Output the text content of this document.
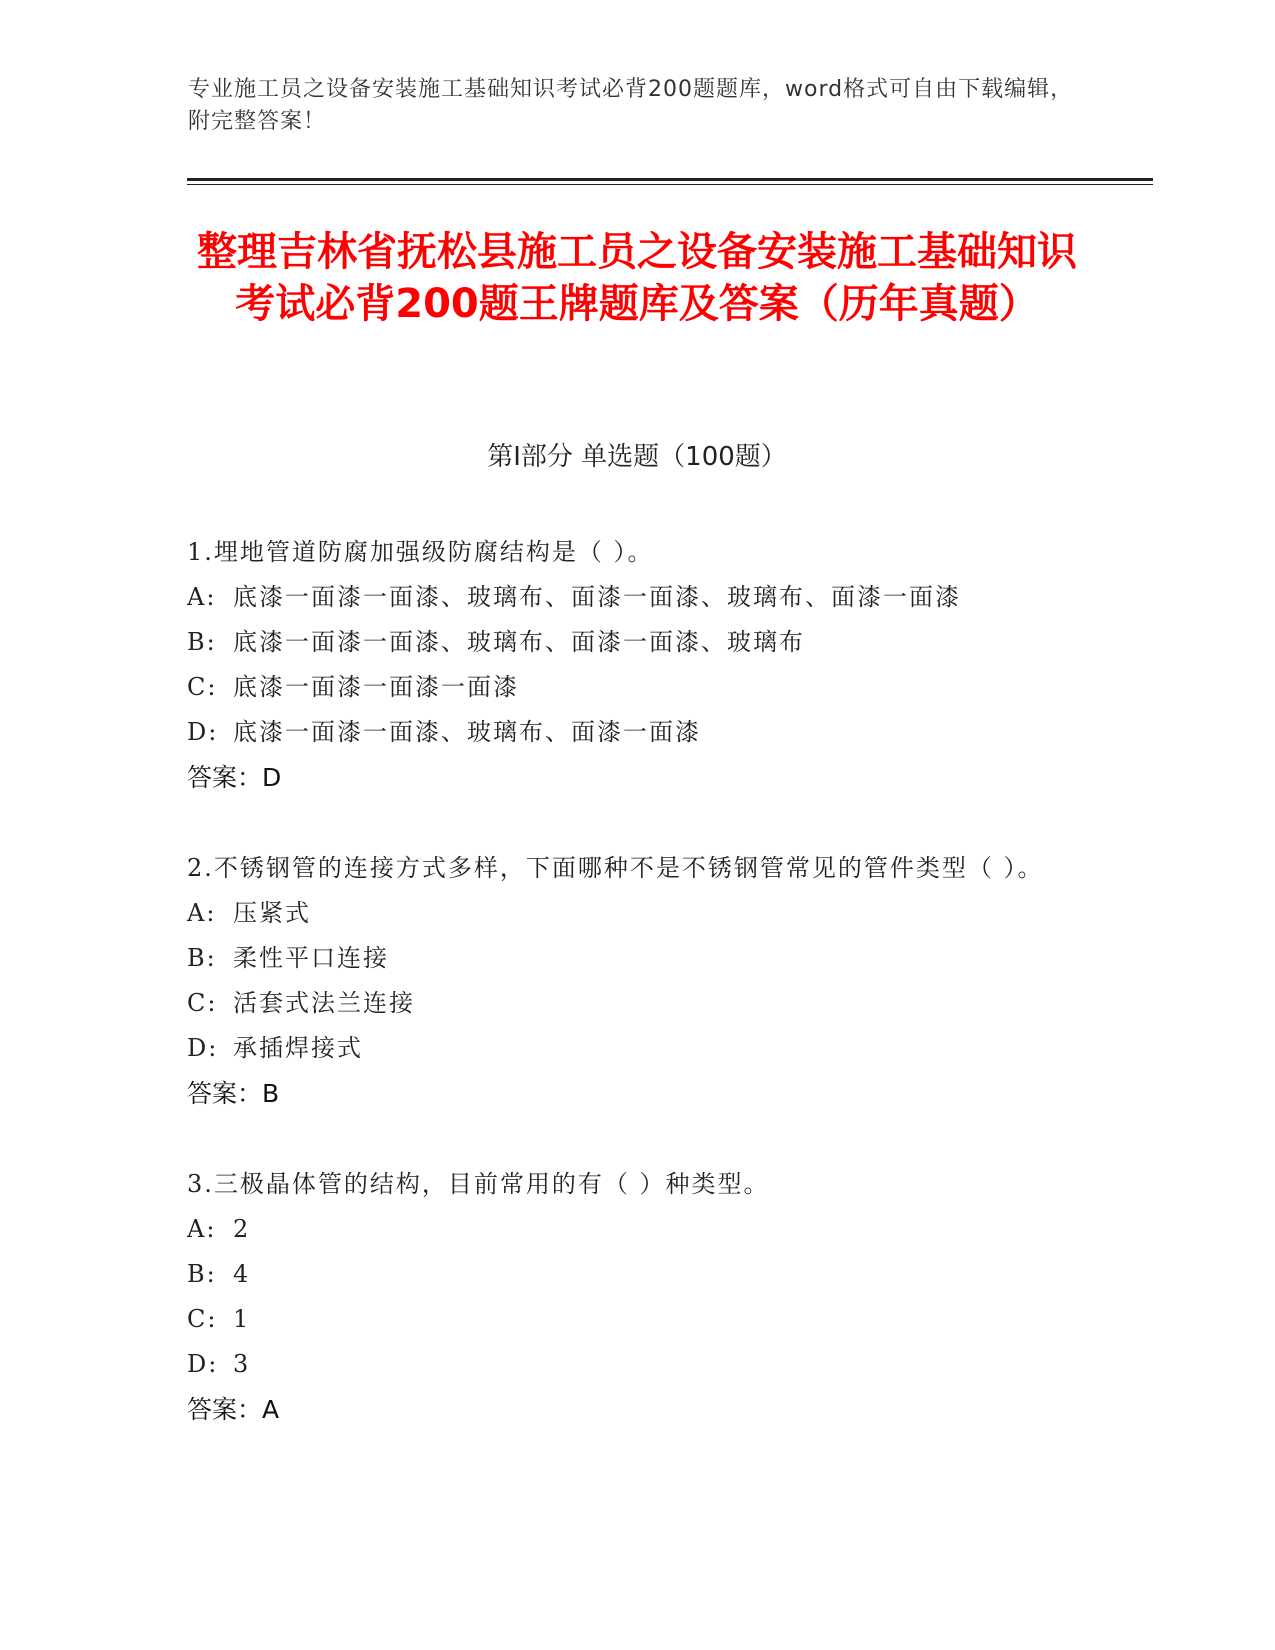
专业施工员之设备安装施工基础知识考试必背200题题库，word格式可自由下载编辑，附完整答案！
整理吉林省抚松县施工员之设备安装施工基础知识考试必背200题王牌题库及答案（历年真题）
第I部分 单选题（100题）

1.埋地管道防腐加强级防腐结构是（ ）。

A: 底漆一面漆一面漆、玻璃布、面漆一面漆、玻璃布、面漆一面漆

B: 底漆一面漆一面漆、玻璃布、面漆一面漆、玻璃布

C: 底漆一面漆一面漆一面漆

D: 底漆一面漆一面漆、玻璃布、面漆一面漆

答案：D

2.不锈钢管的连接方式多样，下面哪种不是不锈钢管常见的管件类型（ ）。

A: 压紧式

B: 柔性平口连接

C: 活套式法兰连接

D: 承插焊接式

答案：B

3.三极晶体管的结构，目前常用的有（ ）种类型。

A: 2

B: 4

C: 1

D: 3

答案：A
